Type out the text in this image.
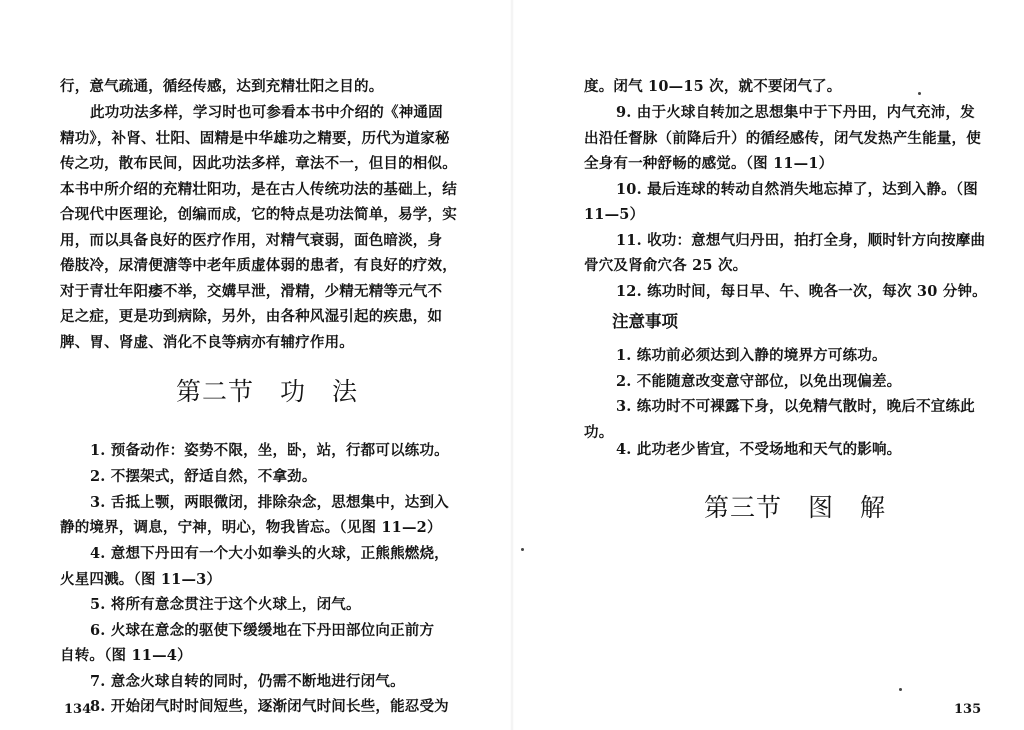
行，意气疏通，循经传感，达到充精壮阳之目的。
此功功法多样，学习时也可参看本书中介绍的《神通固
精功》，补肾、壮阳、固精是中华雄功之精要，历代为道家秘
传之功，散布民间，因此功法多样，章法不一，但目的相似。
本书中所介绍的充精壮阳功，是在古人传统功法的基础上，结
合现代中医理论，创编而成，它的特点是功法简单，易学，实
用，而以具备良好的医疗作用，对精气衰弱，面色暗淡，身
倦肢冷，尿清便溏等中老年质虚体弱的患者，有良好的疗效，
对于青壮年阳痿不举，交媾早泄，滑精，少精无精等元气不
足之症，更是功到病除，另外，由各种风湿引起的疾患，如
脾、胃、肾虚、消化不良等病亦有辅疗作用。
第二节　功　法
1. 预备动作：姿势不限，坐，卧，站，行都可以练功。
2. 不摆架式，舒适自然，不拿劲。
3. 舌抵上颚，两眼微闭，排除杂念，思想集中，达到入
静的境界，调息，宁神，明心，物我皆忘。（见图 11—2）
4. 意想下丹田有一个大小如拳头的火球，正熊熊燃烧，
火星四溅。（图 11—3）
5. 将所有意念贯注于这个火球上，闭气。
6. 火球在意念的驱使下缓缓地在下丹田部位向正前方
自转。（图 11—4）
7. 意念火球自转的同时，仍需不断地进行闭气。
8. 开始闭气时时间短些，逐渐闭气时间长些，能忍受为
134
度。闭气 10—15 次，就不要闭气了。
9. 由于火球自转加之思想集中于下丹田，内气充沛，发
出沿任督脉（前降后升）的循经感传，闭气发热产生能量，使
全身有一种舒畅的感觉。（图 11—1）
10. 最后连球的转动自然消失地忘掉了，达到入静。（图
11—5）
11. 收功：意想气归丹田，拍打全身，顺时针方向按摩曲
骨穴及肾俞穴各 25 次。
12. 练功时间，每日早、午、晚各一次，每次 30 分钟。
注意事项
1. 练功前必须达到入静的境界方可练功。
2. 不能随意改变意守部位，以免出现偏差。
3. 练功时不可裸露下身，以免精气散时，晚后不宜练此
功。
4. 此功老少皆宜，不受场地和天气的影响。
第三节　图　解
135
